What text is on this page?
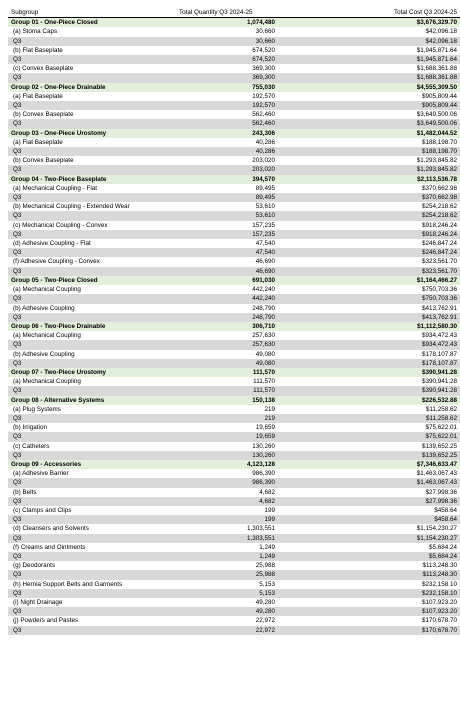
Subgroup	Total Quantity Q3 2024-25	Total Cost Q3 2024-25
Group 01 - One-Piece Closed	1,074,480	$3,676,329.70
(a) Stoma Caps	30,660	$42,096.18
Q3	30,660	$42,096.18
(b) Flat Baseplate	674,520	$1,945,871.64
Q3	674,520	$1,945,871.64
(c) Convex Baseplate	369,300	$1,688,361.88
Q3	369,300	$1,688,361.88
Group 02 - One-Piece Drainable	755,030	$4,555,309.50
(a) Flat Baseplate	192,570	$905,809.44
Q3	192,570	$905,809.44
(b) Convex Baseplate	562,460	$3,649,500.06
Q3	562,460	$3,649,500.06
Group 03 - One-Piece Urostomy	243,306	$1,482,044.52
(a) Flat Baseplate	40,286	$188,198.70
Q3	40,286	$188,198.70
(b) Convex Baseplate	203,020	$1,293,845.82
Q3	203,020	$1,293,845.82
Group 04 - Two-Piece Baseplate	394,570	$2,113,536.78
(a) Mechanical Coupling - Flat	89,495	$370,662.98
Q3	89,495	$370,662.98
(b) Mechanical Coupling - Extended Wear	53,610	$254,218.62
Q3	53,610	$254,218.62
(c) Mechanical Coupling - Convex	157,235	$918,246.24
Q3	157,235	$918,246.24
(d) Adhesive Coupling - Flat	47,540	$246,847.24
Q3	47,540	$246,847.24
(f) Adhesive Coupling - Convex	46,690	$323,561.70
Q3	46,690	$323,561.70
Group 05 - Two-Piece Closed	691,030	$1,164,466.27
(a) Mechanical Coupling	442,240	$750,703.36
Q3	442,240	$750,703.36
(b) Adhesive Coupling	248,790	$413,762.91
Q3	248,790	$413,762.91
Group 06 - Two-Piece Drainable	306,710	$1,112,580.30
(a) Mechanical Coupling	257,630	$934,472.43
Q3	257,630	$934,472.43
(b) Adhesive Coupling	49,080	$178,107.87
Q3	49,080	$178,107.87
Group 07 - Two-Piece Urostomy	111,570	$390,941.28
(a) Mechanical Coupling	111,570	$390,941.28
Q3	111,570	$390,941.28
Group 08 - Alternative Systems	150,138	$226,532.88
(a) Plug Systems	219	$11,258.62
Q3	219	$11,258.62
(b) Irrigation	19,659	$75,622.01
Q3	19,659	$75,622.01
(c) Catheters	130,260	$139,652.25
Q3	130,260	$139,652.25
Group 09 - Accessories	4,123,128	$7,346,633.47
(a) Adhesive Barrier	986,390	$1,463,067.43
Q3	986,390	$1,463,067.43
(b) Belts	4,682	$27,998.36
Q3	4,682	$27,998.36
(c) Clamps and Clips	199	$458.64
Q3	199	$458.64
(d) Cleansers and Solvents	1,303,551	$1,154,230.27
Q3	1,303,551	$1,154,230.27
(f) Creams and Ointments	1,249	$5,684.24
Q3	1,249	$5,684.24
(g) Deodorants	25,988	$113,248.30
Q3	25,988	$113,248.30
(h) Hernia Support Belts and Garments	5,153	$232,158.10
Q3	5,153	$232,158.10
(i) Night Drainage	49,280	$107,923.20
Q3	49,280	$107,923.20
(j) Powders and Pastes	22,972	$170,678.70
Q3	22,972	$170,678.70
